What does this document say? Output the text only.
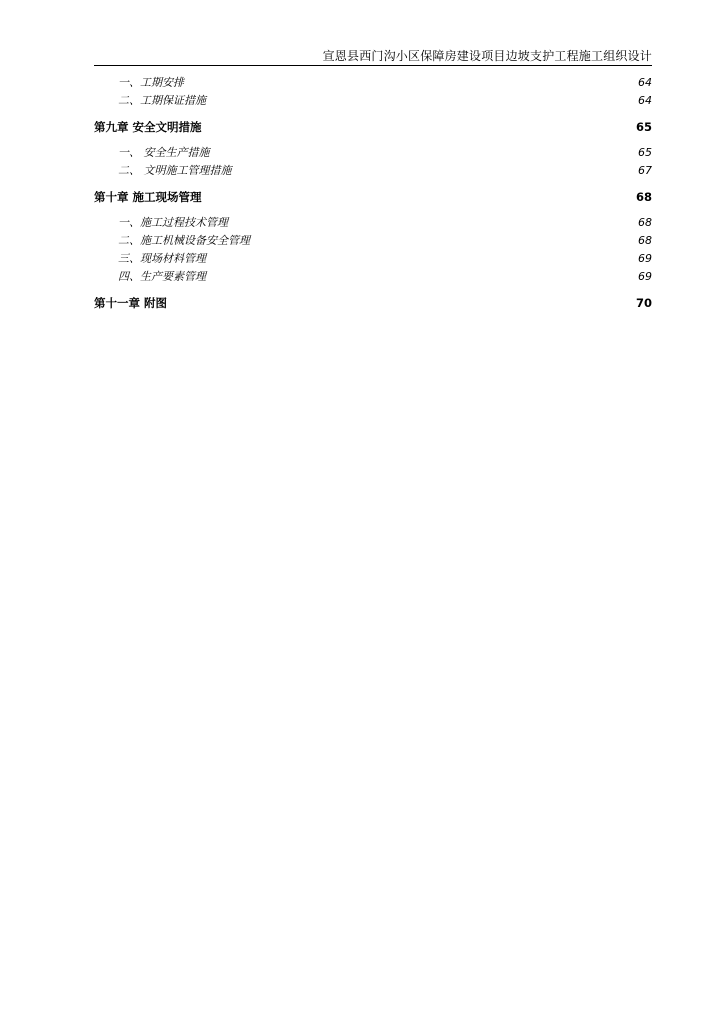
宣恩县西门沟小区保障房建设项目边坡支护工程施工组织设计
一、工期安排	64
二、工期保证措施	64
第九章 安全文明措施	65
一、 安全生产措施	65
二、 文明施工管理措施	67
第十章 施工现场管理	68
一、施工过程技术管理	68
二、施工机械设备安全管理	68
三、现场材料管理	69
四、生产要素管理	69
第十一章 附图	70
